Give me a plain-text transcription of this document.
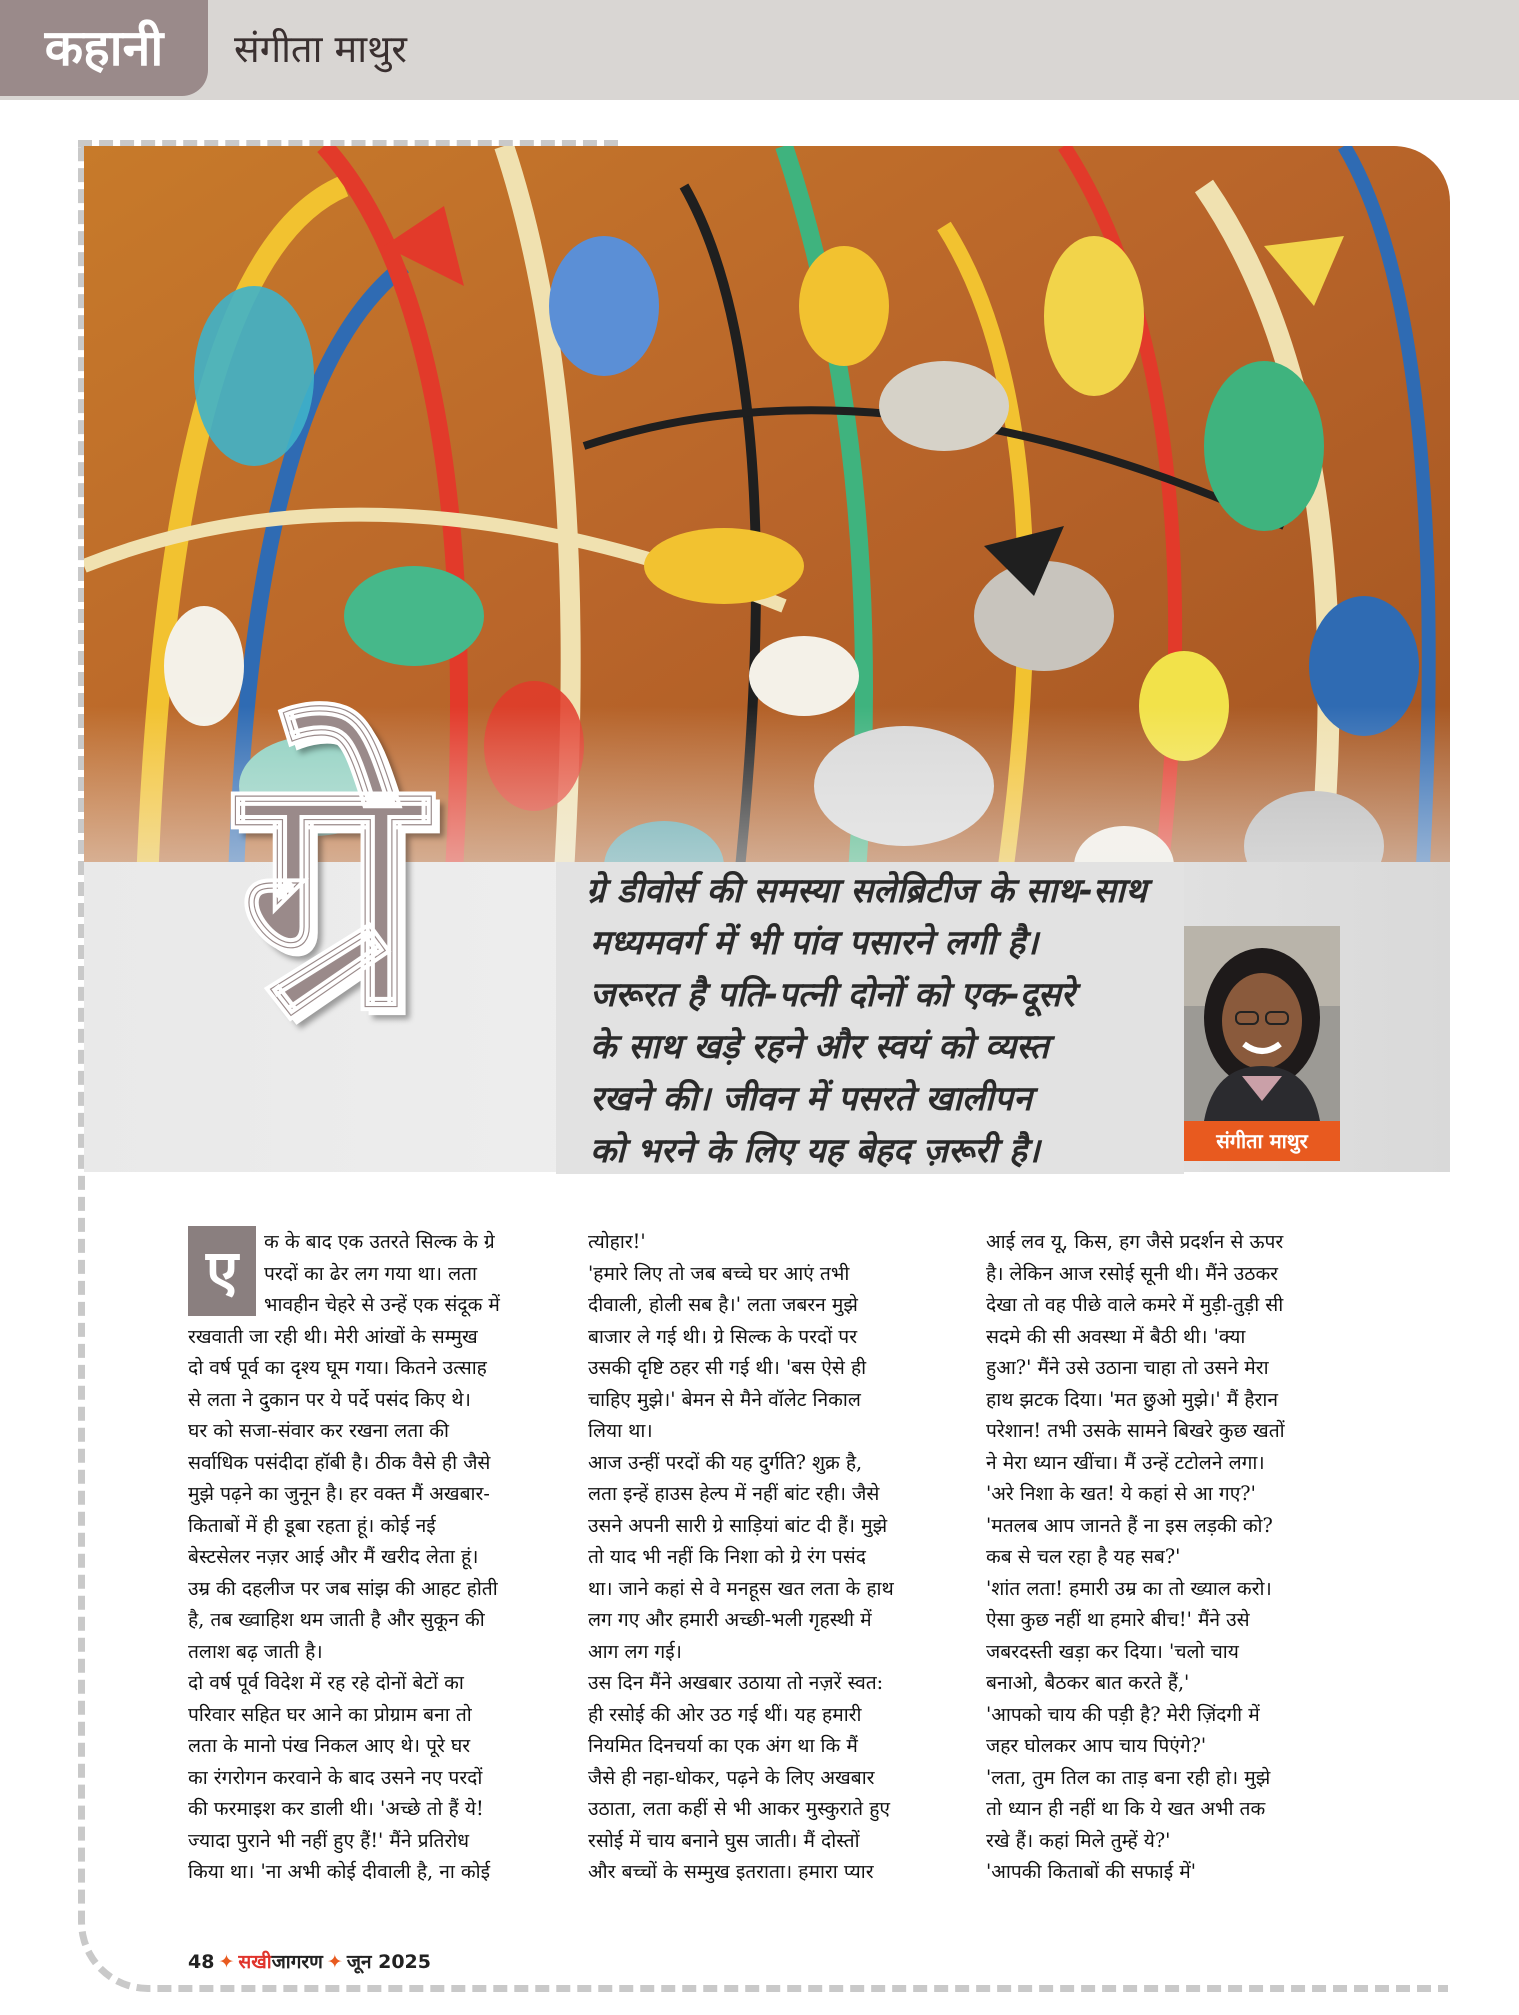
कहानी	संगीता माथुर
ग्रे	ग्रे डीवोर्स की समस्या सलेब्रिटीज के साथ-साथ
मध्यमवर्ग में भी पांव पसारने लगी है।
जरूरत है पति-पत्नी दोनों को एक-दूसरे
के साथ खड़े रहने और स्वयं को व्यस्त
रखने की। जीवन में पसरते खालीपन
को भरने के लिए यह बेहद ज़रूरी है।	संगीता माथुर
ए	क के बाद एक उतरते सिल्क के ग्रे

परदों का ढेर लग गया था। लता

भावहीन चेहरे से उन्हें एक संदूक में

रखवाती जा रही थी। मेरी आंखों के सम्मुख

दो वर्ष पूर्व का दृश्य घूम गया। कितने उत्साह

से लता ने दुकान पर ये पर्दे पसंद किए थे।

घर को सजा-संवार कर रखना लता की

सर्वाधिक पसंदीदा हॉबी है। ठीक वैसे ही जैसे

मुझे पढ़ने का जुनून है। हर वक्त मैं अखबार-

किताबों में ही डूबा रहता हूं। कोई नई

बेस्टसेलर नज़र आई और मैं खरीद लेता हूं।

उम्र की दहलीज पर जब सांझ की आहट होती

है, तब ख्वाहिश थम जाती है और सुकून की

तलाश बढ़ जाती है।

दो वर्ष पूर्व विदेश में रह रहे दोनों बेटों का

परिवार सहित घर आने का प्रोग्राम बना तो

लता के मानो पंख निकल आए थे। पूरे घर

का रंगरोगन करवाने के बाद उसने नए परदों

की फरमाइश कर डाली थी। 'अच्छे तो हैं ये!

ज्यादा पुराने भी नहीं हुए हैं!' मैंने प्रतिरोध

किया था। 'ना अभी कोई दीवाली है, ना कोई

त्योहार!'

'हमारे लिए तो जब बच्चे घर आएं तभी

दीवाली, होली सब है।' लता जबरन मुझे

बाजार ले गई थी। ग्रे सिल्क के परदों पर

उसकी दृष्टि ठहर सी गई थी। 'बस ऐसे ही

चाहिए मुझे।' बेमन से मैने वॉलेट निकाल

लिया था।

आज उन्हीं परदों की यह दुर्गति? शुक्र है,

लता इन्हें हाउस हेल्प में नहीं बांट रही। जैसे

उसने अपनी सारी ग्रे साड़ियां बांट दी हैं। मुझे

तो याद भी नहीं कि निशा को ग्रे रंग पसंद

था। जाने कहां से वे मनहूस खत लता के हाथ

लग गए और हमारी अच्छी-भली गृहस्थी में

आग लग गई।

उस दिन मैंने अखबार उठाया तो नज़रें स्वत:

ही रसोई की ओर उठ गई थीं। यह हमारी

नियमित दिनचर्या का एक अंग था कि मैं

जैसे ही नहा-धोकर, पढ़ने के लिए अखबार

उठाता, लता कहीं से भी आकर मुस्कुराते हुए

रसोई में चाय बनाने घुस जाती। मैं दोस्तों

और बच्चों के सम्मुख इतराता। हमारा प्यार

आई लव यू, किस, हग जैसे प्रदर्शन से ऊपर

है। लेकिन आज रसोई सूनी थी। मैंने उठकर

देखा तो वह पीछे वाले कमरे में मुड़ी-तुड़ी सी

सदमे की सी अवस्था में बैठी थी। 'क्या

हुआ?' मैंने उसे उठाना चाहा तो उसने मेरा

हाथ झटक दिया। 'मत छुओ मुझे।' मैं हैरान

परेशान! तभी उसके सामने बिखरे कुछ खतों

ने मेरा ध्यान खींचा। मैं उन्हें टटोलने लगा।

'अरे निशा के खत! ये कहां से आ गए?'

'मतलब आप जानते हैं ना इस लड़की को?

कब से चल रहा है यह सब?'

'शांत लता! हमारी उम्र का तो ख्याल करो।

ऐसा कुछ नहीं था हमारे बीच!' मैंने उसे

जबरदस्ती खड़ा कर दिया। 'चलो चाय

बनाओ, बैठकर बात करते हैं,'

'आपको चाय की पड़ी है? मेरी ज़िंदगी में

जहर घोलकर आप चाय पिएंगे?'

'लता, तुम तिल का ताड़ बना रही हो। मुझे

तो ध्यान ही नहीं था कि ये खत अभी तक

रखे हैं। कहां मिले तुम्हें ये?'

'आपकी किताबों की सफाई में'

48 ✦ सखीजागरण ✦ जून 2025
